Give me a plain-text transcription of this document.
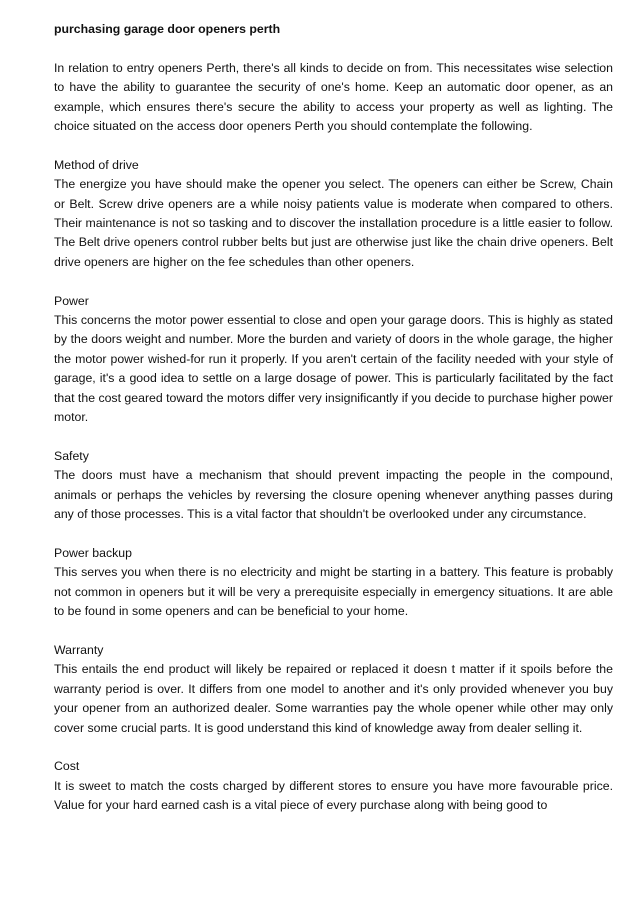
purchasing garage door openers perth
In relation to entry openers Perth, there's all kinds to decide on from. This necessitates wise selection to have the ability to guarantee the security of one's home. Keep an automatic door opener, as an example, which ensures there's secure the ability to access your property as well as lighting. The choice situated on the access door openers Perth you should contemplate the following.
Method of drive
The energize you have should make the opener you select. The openers can either be Screw, Chain or Belt. Screw drive openers are a while noisy patients value is moderate when compared to others. Their maintenance is not so tasking and to discover the installation procedure is a little easier to follow. The Belt drive openers control rubber belts but just are otherwise just like the chain drive openers. Belt drive openers are higher on the fee schedules than other openers.
Power
This concerns the motor power essential to close and open your garage doors. This is highly as stated by the doors weight and number. More the burden and variety of doors in the whole garage, the higher the motor power wished-for run it properly. If you aren't certain of the facility needed with your style of garage, it's a good idea to settle on a large dosage of power. This is particularly facilitated by the fact that the cost geared toward the motors differ very insignificantly if you decide to purchase higher power motor.
Safety
The doors must have a mechanism that should prevent impacting the people in the compound, animals or perhaps the vehicles by reversing the closure opening whenever anything passes during any of those processes. This is a vital factor that shouldn't be overlooked under any circumstance.
Power backup
This serves you when there is no electricity and might be starting in a battery. This feature is probably not common in openers but it will be very a prerequisite especially in emergency situations. It are able to be found in some openers and can be beneficial to your home.
Warranty
This entails the end product will likely be repaired or replaced it doesn t matter if it spoils before the warranty period is over. It differs from one model to another and it's only provided whenever you buy your opener from an authorized dealer. Some warranties pay the whole opener while other may only cover some crucial parts. It is good understand this kind of knowledge away from dealer selling it.
Cost
It is sweet to match the costs charged by different stores to ensure you have more favourable price. Value for your hard earned cash is a vital piece of every purchase along with being good to
